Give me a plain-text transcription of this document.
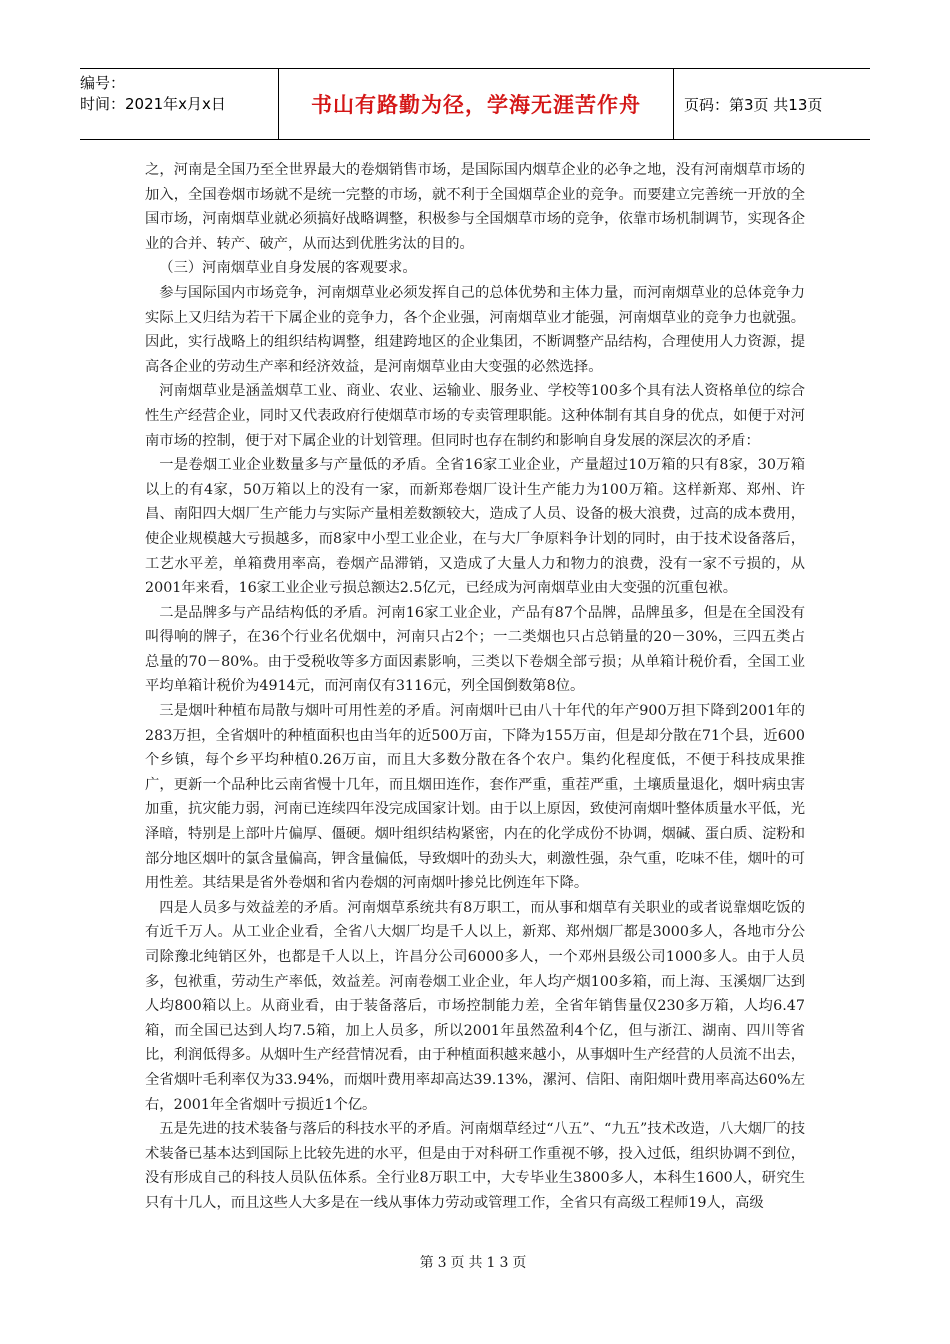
编号：
时间：2021年x月x日	书山有路勤为径，学海无涯苦作舟	页码：第3页 共13页

之，河南是全国乃至全世界最大的卷烟销售市场，是国际国内烟草企业的必争之地，没有河南烟草市场的加入，全国卷烟市场就不是统一完整的市场，就不利于全国烟草企业的竞争。而要建立完善统一开放的全国市场，河南烟草业就必须搞好战略调整，积极参与全国烟草市场的竞争，依靠市场机制调节，实现各企业的合并、转产、破产，从而达到优胜劣汰的目的。

（三）河南烟草业自身发展的客观要求。

参与国际国内市场竞争，河南烟草业必须发挥自己的总体优势和主体力量，而河南烟草业的总体竞争力实际上又归结为若干下属企业的竞争力，各个企业强，河南烟草业才能强，河南烟草业的竞争力也就强。因此，实行战略上的组织结构调整，组建跨地区的企业集团，不断调整产品结构，合理使用人力资源，提高各企业的劳动生产率和经济效益，是河南烟草业由大变强的必然选择。

河南烟草业是涵盖烟草工业、商业、农业、运输业、服务业、学校等100多个具有法人资格单位的综合性生产经营企业，同时又代表政府行使烟草市场的专卖管理职能。这种体制有其自身的优点，如便于对河南市场的控制，便于对下属企业的计划管理。但同时也存在制约和影响自身发展的深层次的矛盾：

一是卷烟工业企业数量多与产量低的矛盾。全省16家工业企业，产量超过10万箱的只有8家，30万箱以上的有4家，50万箱以上的没有一家，而新郑卷烟厂设计生产能力为100万箱。这样新郑、郑州、许昌、南阳四大烟厂生产能力与实际产量相差数额较大，造成了人员、设备的极大浪费，过高的成本费用，使企业规模越大亏损越多，而8家中小型工业企业，在与大厂争原料争计划的同时，由于技术设备落后，工艺水平差，单箱费用率高，卷烟产品滞销，又造成了大量人力和物力的浪费，没有一家不亏损的，从2001年来看，16家工业企业亏损总额达2.5亿元，已经成为河南烟草业由大变强的沉重包袱。

二是品牌多与产品结构低的矛盾。河南16家工业企业，产品有87个品牌，品牌虽多，但是在全国没有叫得响的牌子，在36个行业名优烟中，河南只占2个；一二类烟也只占总销量的20－30%，三四五类占总量的70－80%。由于受税收等多方面因素影响，三类以下卷烟全部亏损；从单箱计税价看，全国工业平均单箱计税价为4914元，而河南仅有3116元，列全国倒数第8位。

三是烟叶种植布局散与烟叶可用性差的矛盾。河南烟叶已由八十年代的年产900万担下降到2001年的283万担，全省烟叶的种植面积也由当年的近500万亩，下降为155万亩，但是却分散在71个县，近600个乡镇，每个乡平均种植0.26万亩，而且大多数分散在各个农户。集约化程度低，不便于科技成果推广，更新一个品种比云南省慢十几年，而且烟田连作，套作严重，重茬严重，土壤质量退化，烟叶病虫害加重，抗灾能力弱，河南已连续四年没完成国家计划。由于以上原因，致使河南烟叶整体质量水平低，光泽暗，特别是上部叶片偏厚、僵硬。烟叶组织结构紧密，内在的化学成份不协调，烟碱、蛋白质、淀粉和部分地区烟叶的氯含量偏高，钾含量偏低，导致烟叶的劲头大，刺激性强，杂气重，吃味不佳，烟叶的可用性差。其结果是省外卷烟和省内卷烟的河南烟叶掺兑比例连年下降。

四是人员多与效益差的矛盾。河南烟草系统共有8万职工，而从事和烟草有关职业的或者说靠烟吃饭的有近千万人。从工业企业看，全省八大烟厂均是千人以上，新郑、郑州烟厂都是3000多人，各地市分公司除豫北纯销区外，也都是千人以上，许昌分公司6000多人，一个邓州县级公司1000多人。由于人员多，包袱重，劳动生产率低，效益差。河南卷烟工业企业，年人均产烟100多箱，而上海、玉溪烟厂达到人均800箱以上。从商业看，由于装备落后，市场控制能力差，全省年销售量仅230多万箱，人均6.47箱，而全国已达到人均7.5箱，加上人员多，所以2001年虽然盈利4个亿，但与浙江、湖南、四川等省比，利润低得多。从烟叶生产经营情况看，由于种植面积越来越小，从事烟叶生产经营的人员流不出去，全省烟叶毛利率仅为33.94%，而烟叶费用率却高达39.13%，漯河、信阳、南阳烟叶费用率高达60%左右，2001年全省烟叶亏损近1个亿。

五是先进的技术装备与落后的科技水平的矛盾。河南烟草经过“八五”、“九五”技术改造，八大烟厂的技术装备已基本达到国际上比较先进的水平，但是由于对科研工作重视不够，投入过低，组织协调不到位，没有形成自己的科技人员队伍体系。全行业8万职工中，大专毕业生3800多人，本科生1600人，研究生只有十几人，而且这些人大多是在一线从事体力劳动或管理工作，全省只有高级工程师19人，高级

第3页共13页
